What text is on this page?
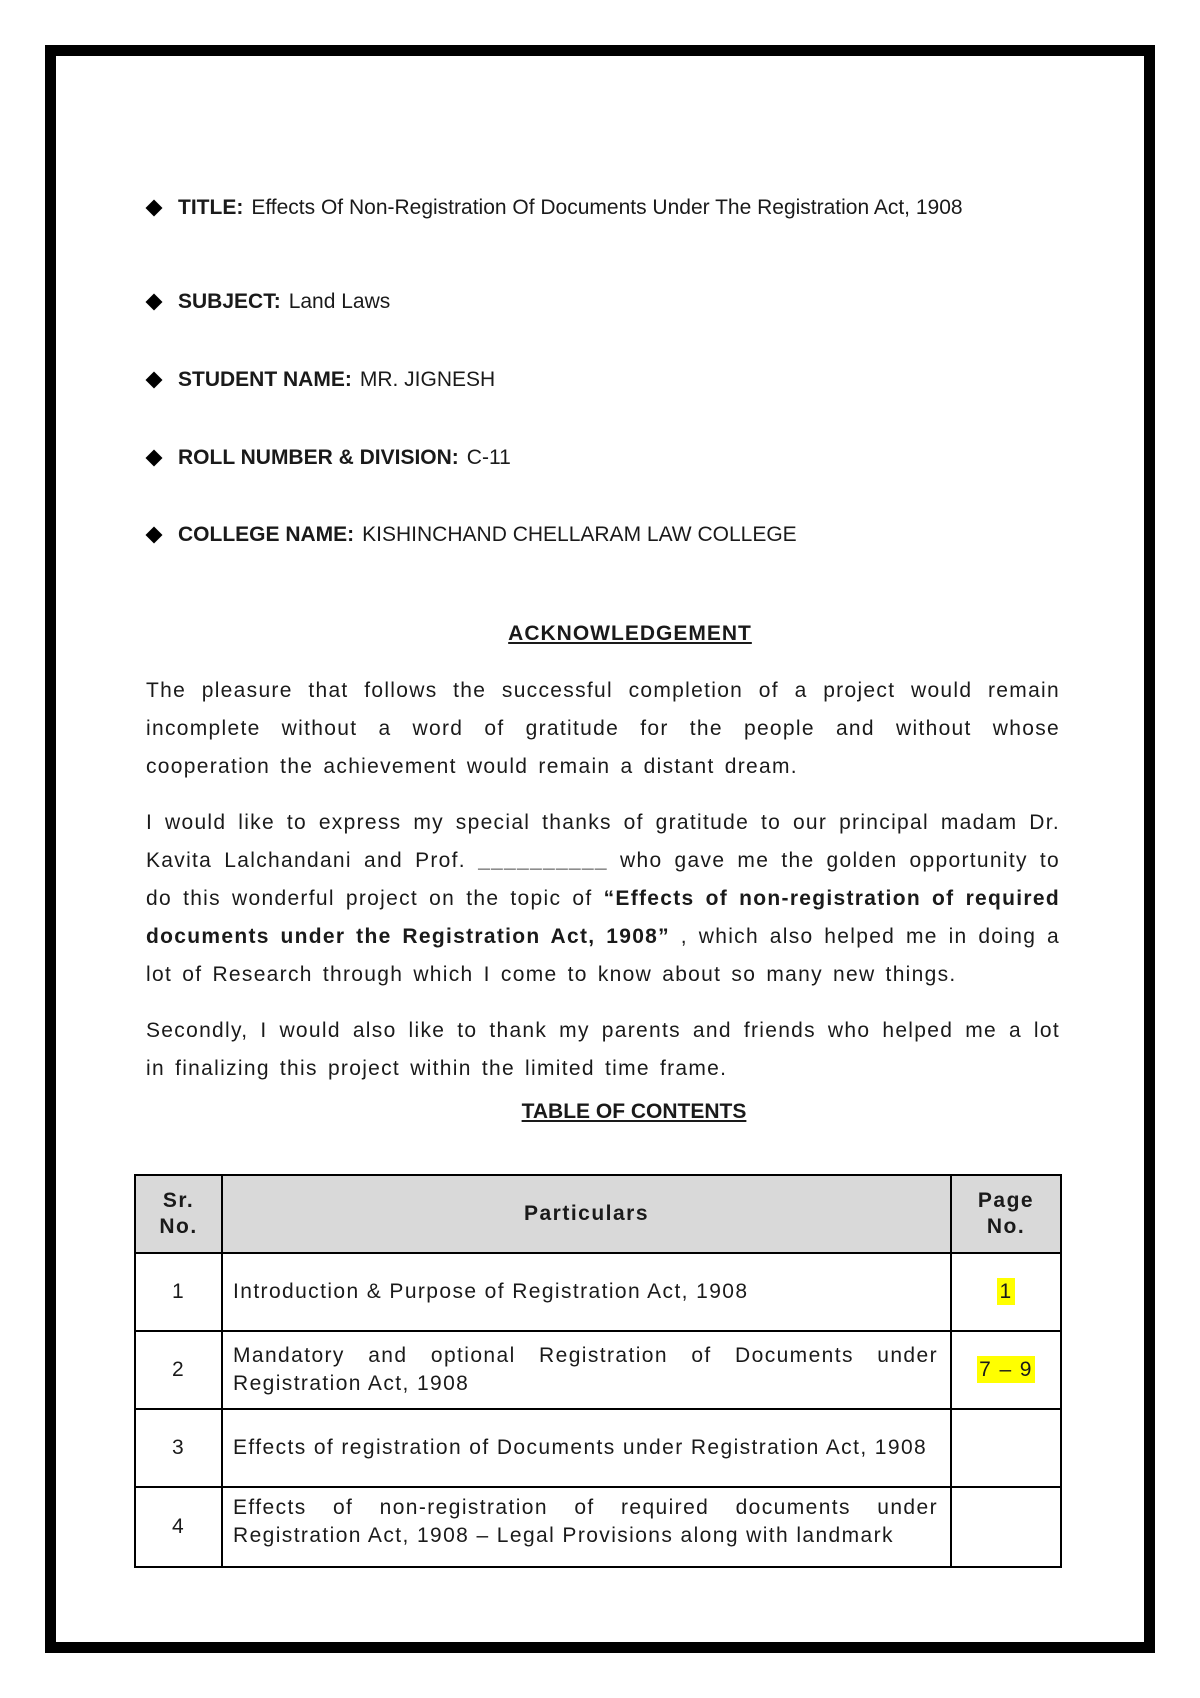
TITLE: Effects Of Non-Registration Of Documents Under The Registration Act, 1908
SUBJECT: Land Laws
STUDENT NAME: MR. JIGNESH
ROLL NUMBER & DIVISION: C-11
COLLEGE NAME: KISHINCHAND CHELLARAM LAW COLLEGE
ACKNOWLEDGEMENT

The pleasure that follows the successful completion of a project would remain incomplete without a word of gratitude for the people and without whose cooperation the achievement would remain a distant dream.

I would like to express my special thanks of gratitude to our principal madam Dr. Kavita Lalchandani and Prof. __________ who gave me the golden opportunity to do this wonderful project on the topic of “Effects of non-registration of required documents under the Registration Act, 1908” , which also helped me in doing a lot of Research through which I come to know about so many new things.

Secondly, I would also like to thank my parents and friends who helped me a lot in finalizing this project within the limited time frame.

TABLE OF CONTENTS
Sr. No.	Particulars	Page No.
1	Introduction & Purpose of Registration Act, 1908	1
2	Mandatory and optional Registration of Documents under Registration Act, 1908	7 – 9
3	Effects of registration of Documents under Registration Act, 1908	
4	Effects of non-registration of required documents under Registration Act, 1908 – Legal Provisions along with landmark	
